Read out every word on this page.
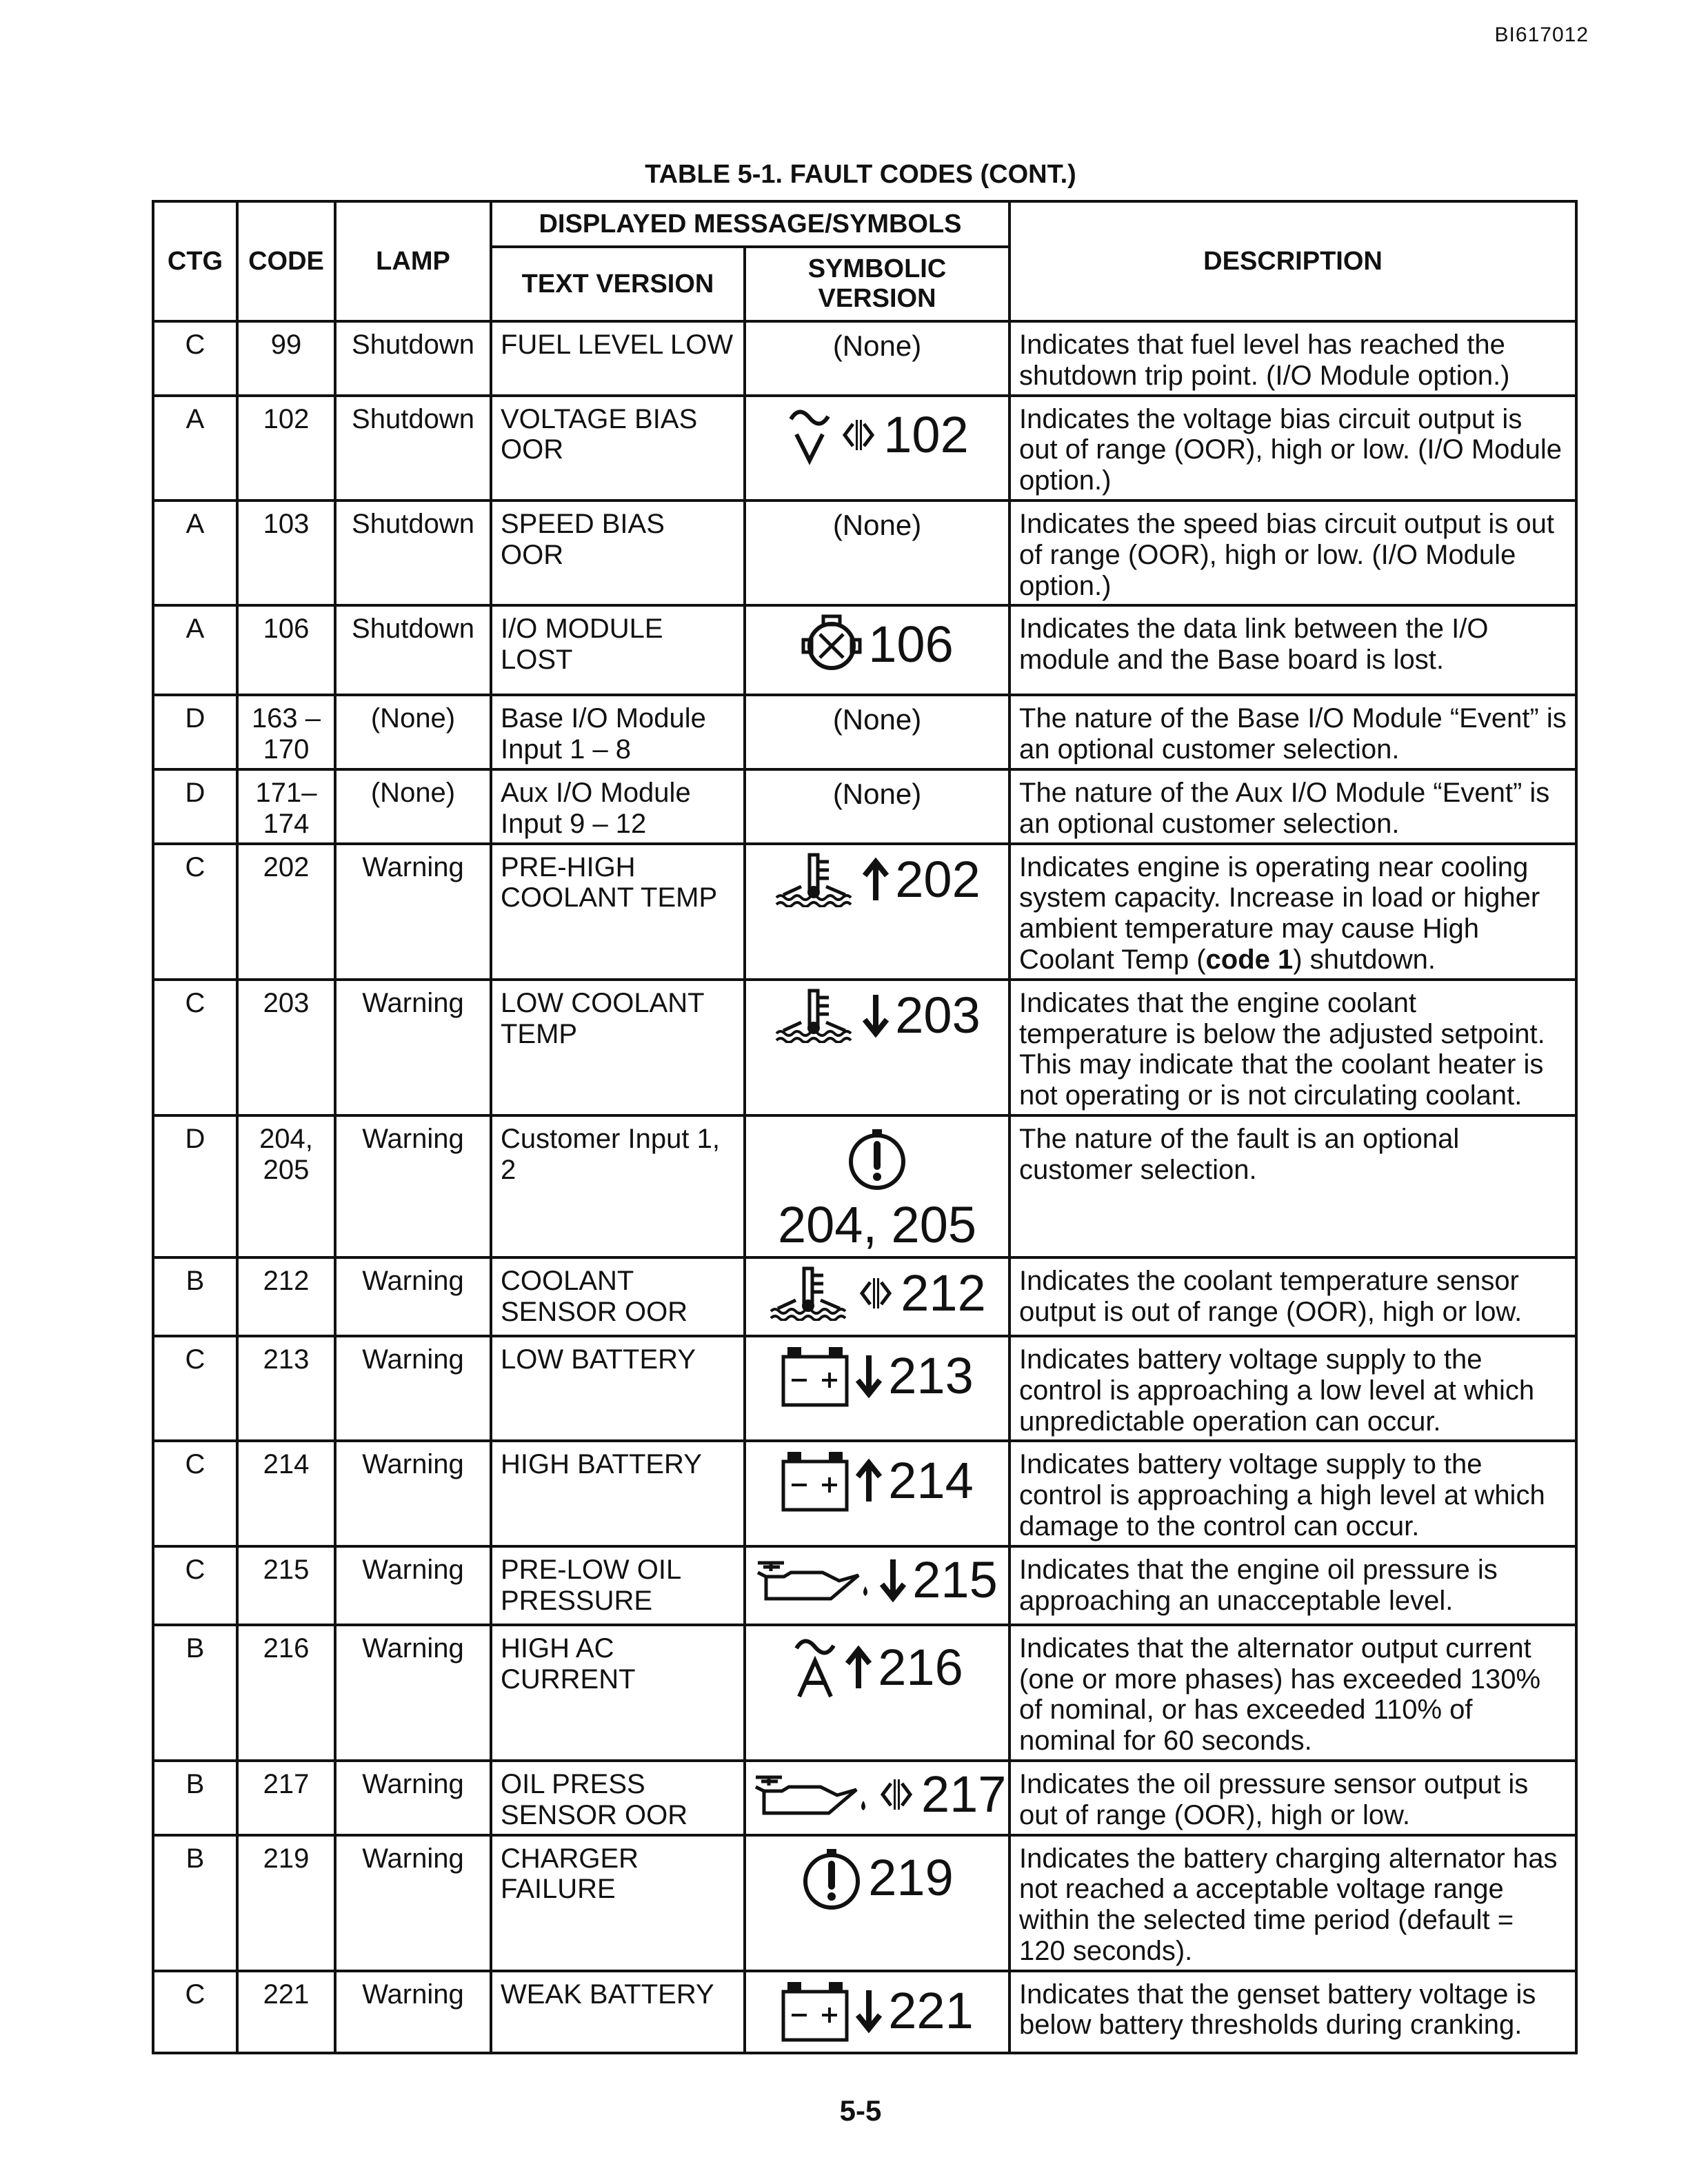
BI617012
TABLE 5-1. FAULT CODES (CONT.)
CTG	CODE	LAMP	DISPLAYED MESSAGE/SYMBOLS		DESCRIPTION
			TEXT VERSION	SYMBOLIC VERSION	
C	99	Shutdown	FUEL LEVEL LOW	(None)	Indicates that fuel level has reached the shutdown trip point. (I/O Module option.)
A	102	Shutdown	VOLTAGE BIAS OOR	102	Indicates the voltage bias circuit output is out of range (OOR), high or low. (I/O Module option.)
A	103	Shutdown	SPEED BIAS OOR	(None)	Indicates the speed bias circuit output is out of range (OOR), high or low. (I/O Module option.)
A	106	Shutdown	I/O MODULE LOST	106	Indicates the data link between the I/O module and the Base board is lost.
D	163 – 170	(None)	Base I/O Module Input 1 – 8	(None)	The nature of the Base I/O Module “Event” is an optional customer selection.
D	171– 174	(None)	Aux I/O Module Input 9 – 12	(None)	The nature of the Aux I/O Module “Event” is an optional customer selection.
C	202	Warning	PRE-HIGH COOLANT TEMP	202	Indicates engine is operating near cooling system capacity. Increase in load or higher ambient temperature may cause High Coolant Temp (code 1) shutdown.
C	203	Warning	LOW COOLANT TEMP	203	Indicates that the engine coolant temperature is below the adjusted setpoint. This may indicate that the coolant heater is not operating or is not circulating coolant.
D	204, 205	Warning	Customer Input 1, 2	204, 205	The nature of the fault is an optional customer selection.
B	212	Warning	COOLANT SENSOR OOR	212	Indicates the coolant temperature sensor output is out of range (OOR), high or low.
C	213	Warning	LOW BATTERY	213	Indicates battery voltage supply to the control is approaching a low level at which unpredictable operation can occur.
C	214	Warning	HIGH BATTERY	214	Indicates battery voltage supply to the control is approaching a high level at which damage to the control can occur.
C	215	Warning	PRE-LOW OIL PRESSURE	215	Indicates that the engine oil pressure is approaching an unacceptable level.
B	216	Warning	HIGH AC CURRENT	216	Indicates that the alternator output current (one or more phases) has exceeded 130% of nominal, or has exceeded 110% of nominal for 60 seconds.
B	217	Warning	OIL PRESS SENSOR OOR	217	Indicates the oil pressure sensor output is out of range (OOR), high or low.
B	219	Warning	CHARGER FAILURE	219	Indicates the battery charging alternator has not reached a acceptable voltage range within the selected time period (default = 120 seconds).
C	221	Warning	WEAK BATTERY	221	Indicates that the genset battery voltage is below battery thresholds during cranking.
5-5
